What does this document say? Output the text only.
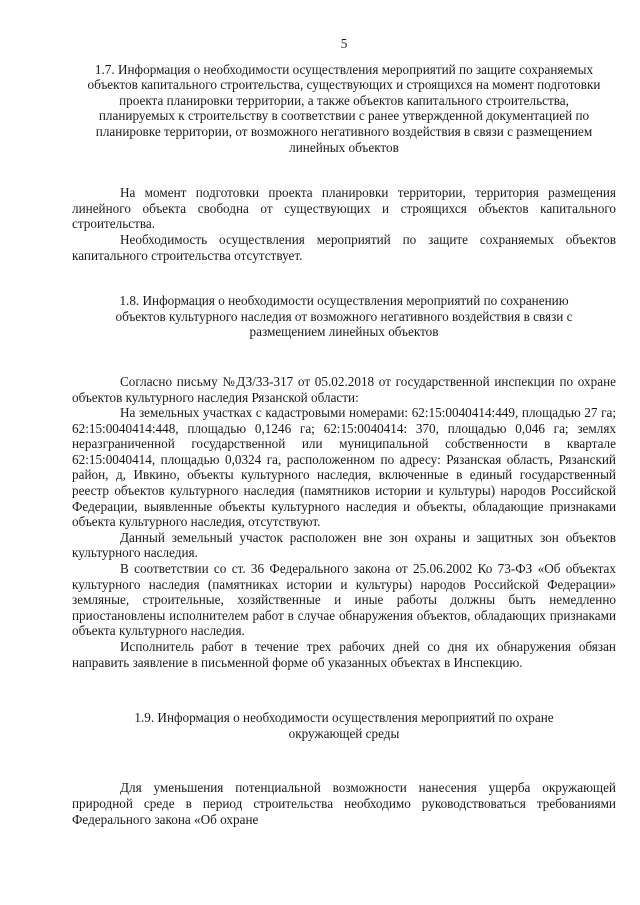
5
1.7. Информация о необходимости осуществления мероприятий по защите сохраняемых объектов капитального строительства, существующих и строящихся на момент подготовки проекта планировки территории, а также объектов капитального строительства, планируемых к строительству в соответствии с ранее утвержденной документацией по планировке территории, от возможного негативного воздействия в связи с размещением линейных объектов

На момент подготовки проекта планировки территории, территория размещения линейного объекта свободна от существующих и строящихся объектов капитального строительства.

Необходимость осуществления мероприятий по защите сохраняемых объектов капитального строительства отсутствует.

1.8. Информация о необходимости осуществления мероприятий по сохранению объектов культурного наследия от возможного негативного воздействия в связи с размещением линейных объектов

Согласно письму №ДЗ/33-317 от 05.02.2018 от государственной инспекции по охране объектов культурного наследия Рязанской области:

На земельных участках с кадастровыми номерами: 62:15:0040414:449, площадью 27 га; 62:15:0040414:448, площадью 0,1246 га; 62:15:0040414: 370, площадью 0,046 га; землях неразграниченной государственной или муниципальной собственности в квартале 62:15:0040414, площадью 0,0324 га, расположенном по адресу: Рязанская область, Рязанский район, д, Ивкино, объекты культурного наследия, включенные в единый государственный реестр объектов культурного наследия (памятников истории и культуры) народов Российской Федерации, выявленные объекты культурного наследия и объекты, обладающие признаками объекта культурного наследия, отсутствуют.

Данный земельный участок расположен вне зон охраны и защитных зон объектов культурного наследия.

В соответствии со ст. 36 Федерального закона от 25.06.2002 Ко 73-ФЗ «Об объектах культурного наследия (памятниках истории и культуры) народов Российской Федерации» земляные, строительные, хозяйственные и иные работы должны быть немедленно приостановлены исполнителем работ в случае обнаружения объектов, обладающих признаками объекта культурного наследия.

Исполнитель работ в течение трех рабочих дней со дня их обнаружения обязан направить заявление в письменной форме об указанных объектах в Инспекцию.

1.9. Информация о необходимости осуществления мероприятий по охране окружающей среды

Для уменьшения потенциальной возможности нанесения ущерба окружающей природной среде в период строительства необходимо руководствоваться требованиями Федерального закона «Об охране
